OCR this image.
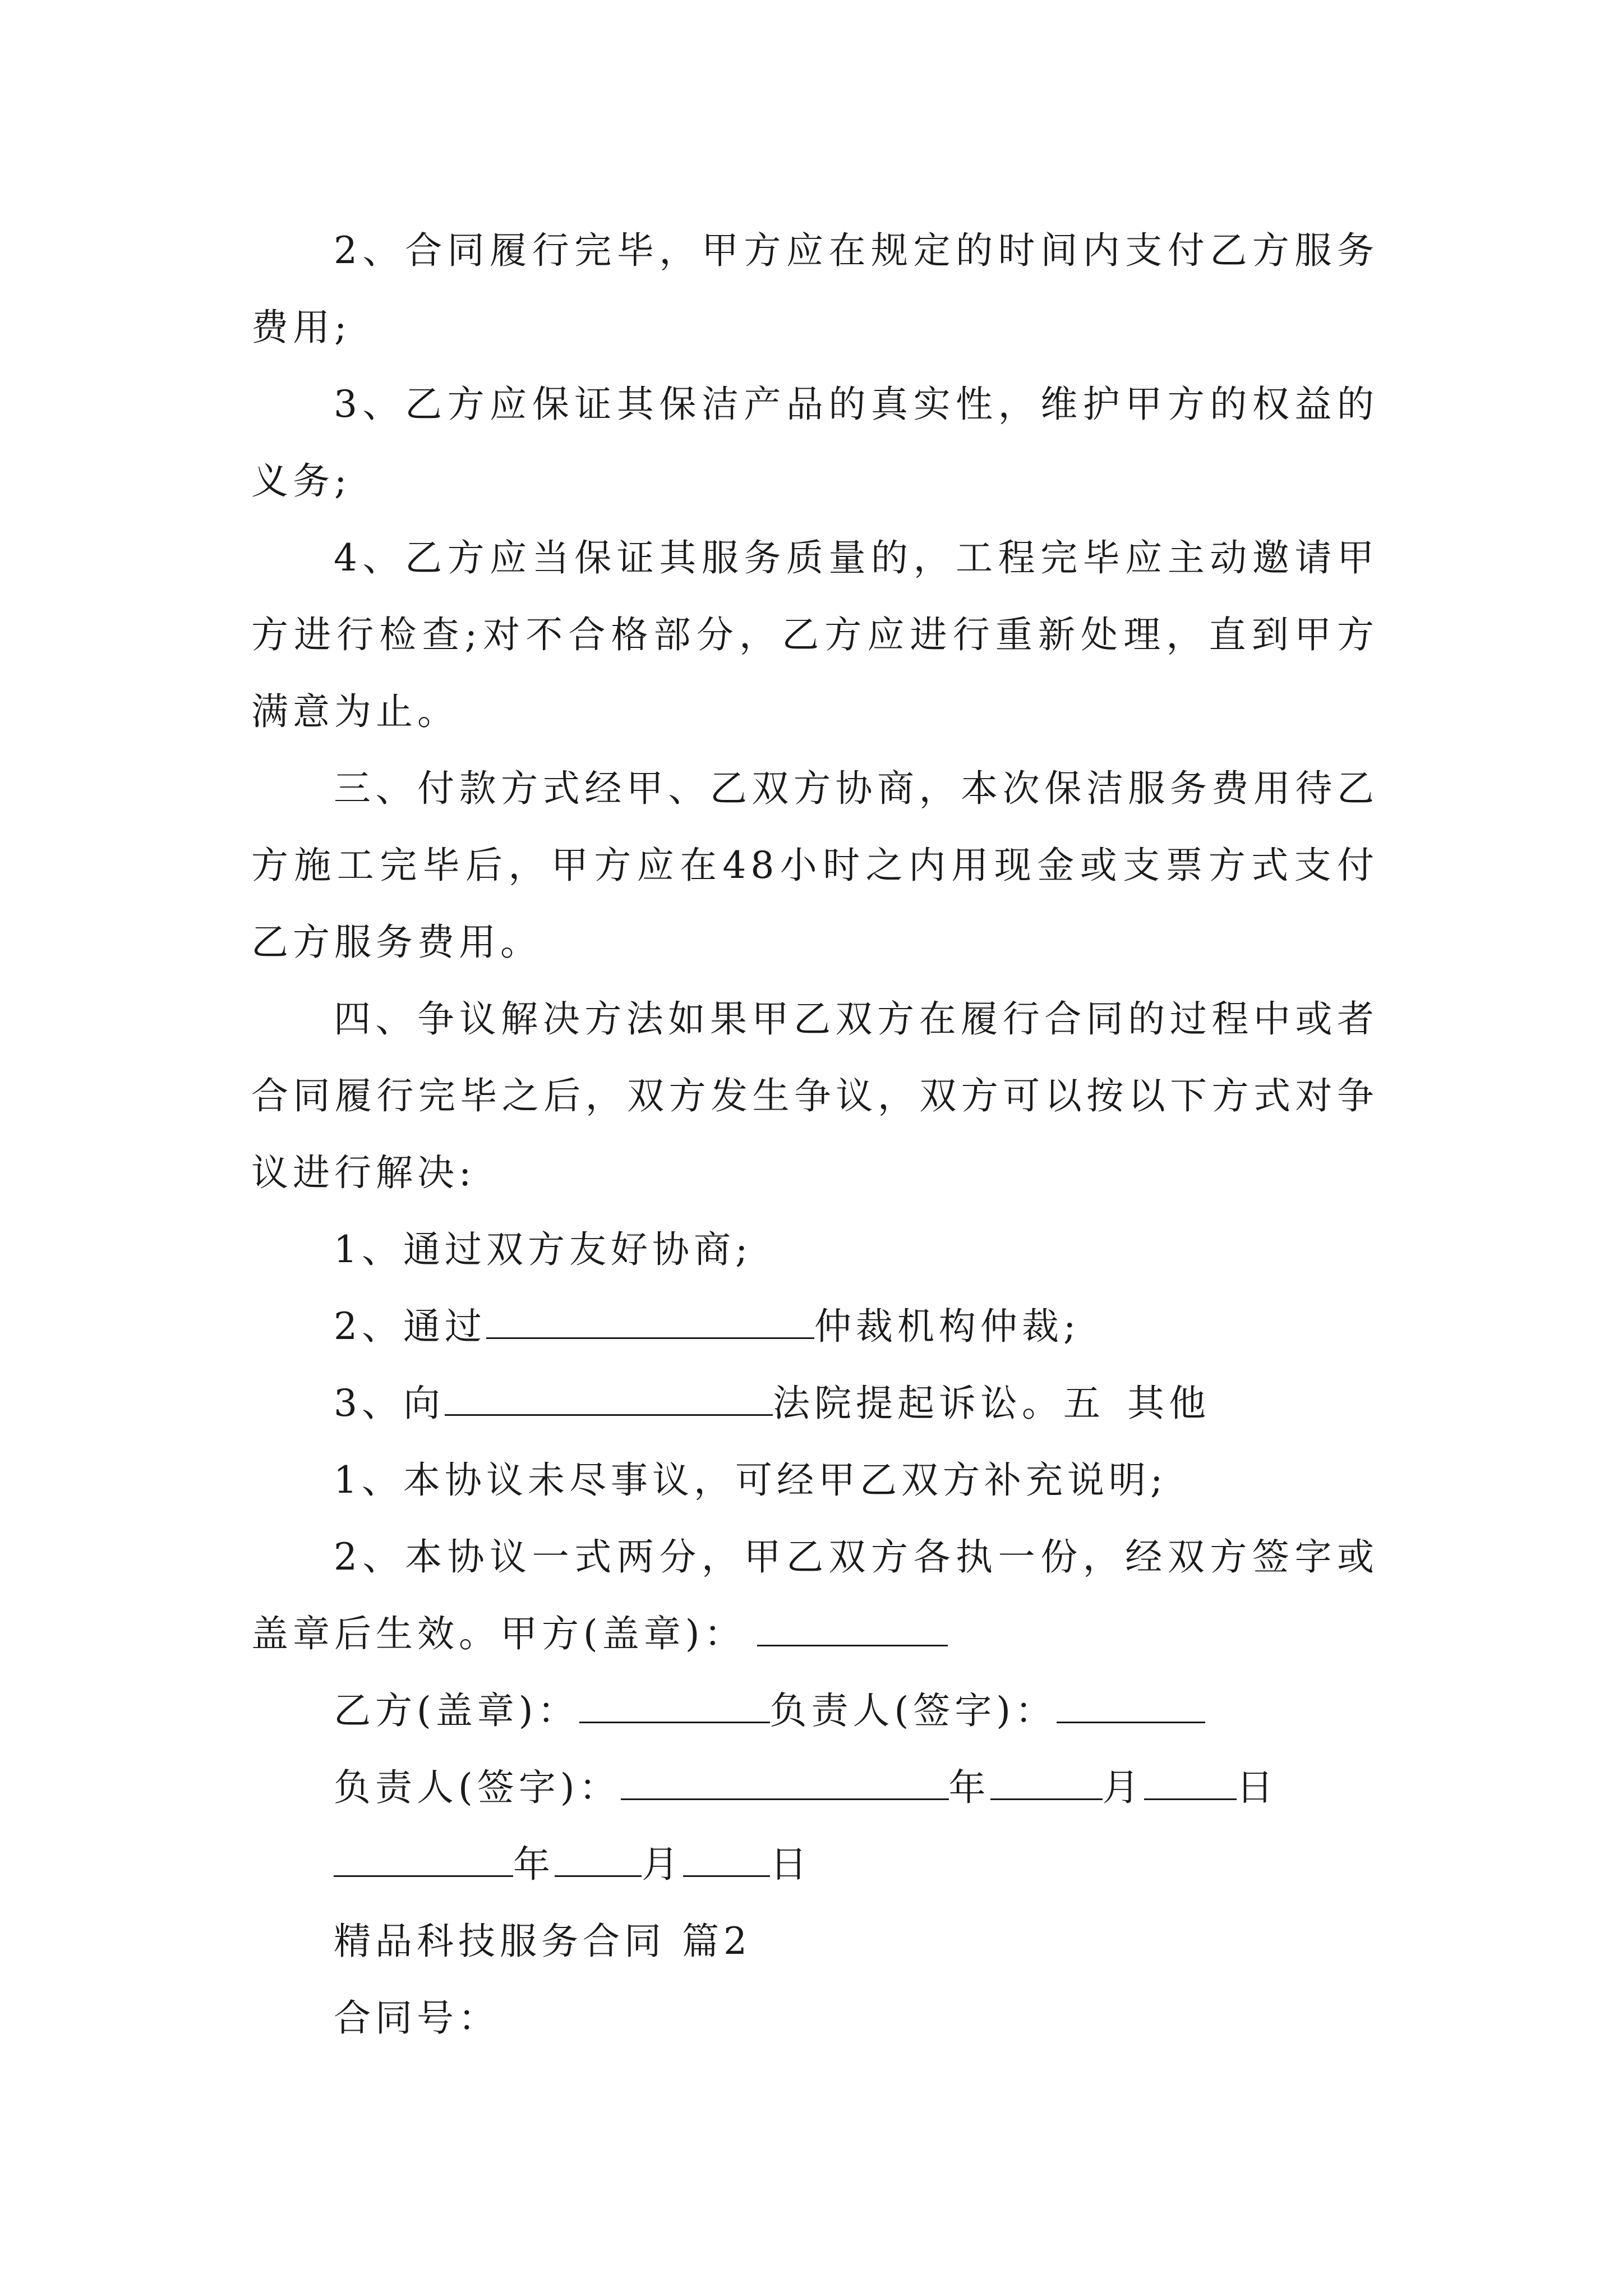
2、合同履行完毕，甲方应在规定的时间内支付乙方服务费用;

3、乙方应保证其保洁产品的真实性，维护甲方的权益的义务;

4、乙方应当保证其服务质量的，工程完毕应主动邀请甲方进行检查;对不合格部分，乙方应进行重新处理，直到甲方满意为止。

三、付款方式经甲、乙双方协商，本次保洁服务费用待乙方施工完毕后，甲方应在48小时之内用现金或支票方式支付乙方服务费用。

四、争议解决方法如果甲乙双方在履行合同的过程中或者合同履行完毕之后，双方发生争议，双方可以按以下方式对争议进行解决:

1、通过双方友好协商;

2、通过	仲裁机构仲裁;

3、向	法院提起诉讼。五 其他

1、本协议未尽事议，可经甲乙双方补充说明;

2、本协议一式两分，甲乙双方各执一份，经双方签字或盖章后生效。甲方(盖章)：

乙方(盖章)：	负责人(签字)：

负责人(签字)：	年	月	日

年 月 日

精品科技服务合同 篇2

合同号：
